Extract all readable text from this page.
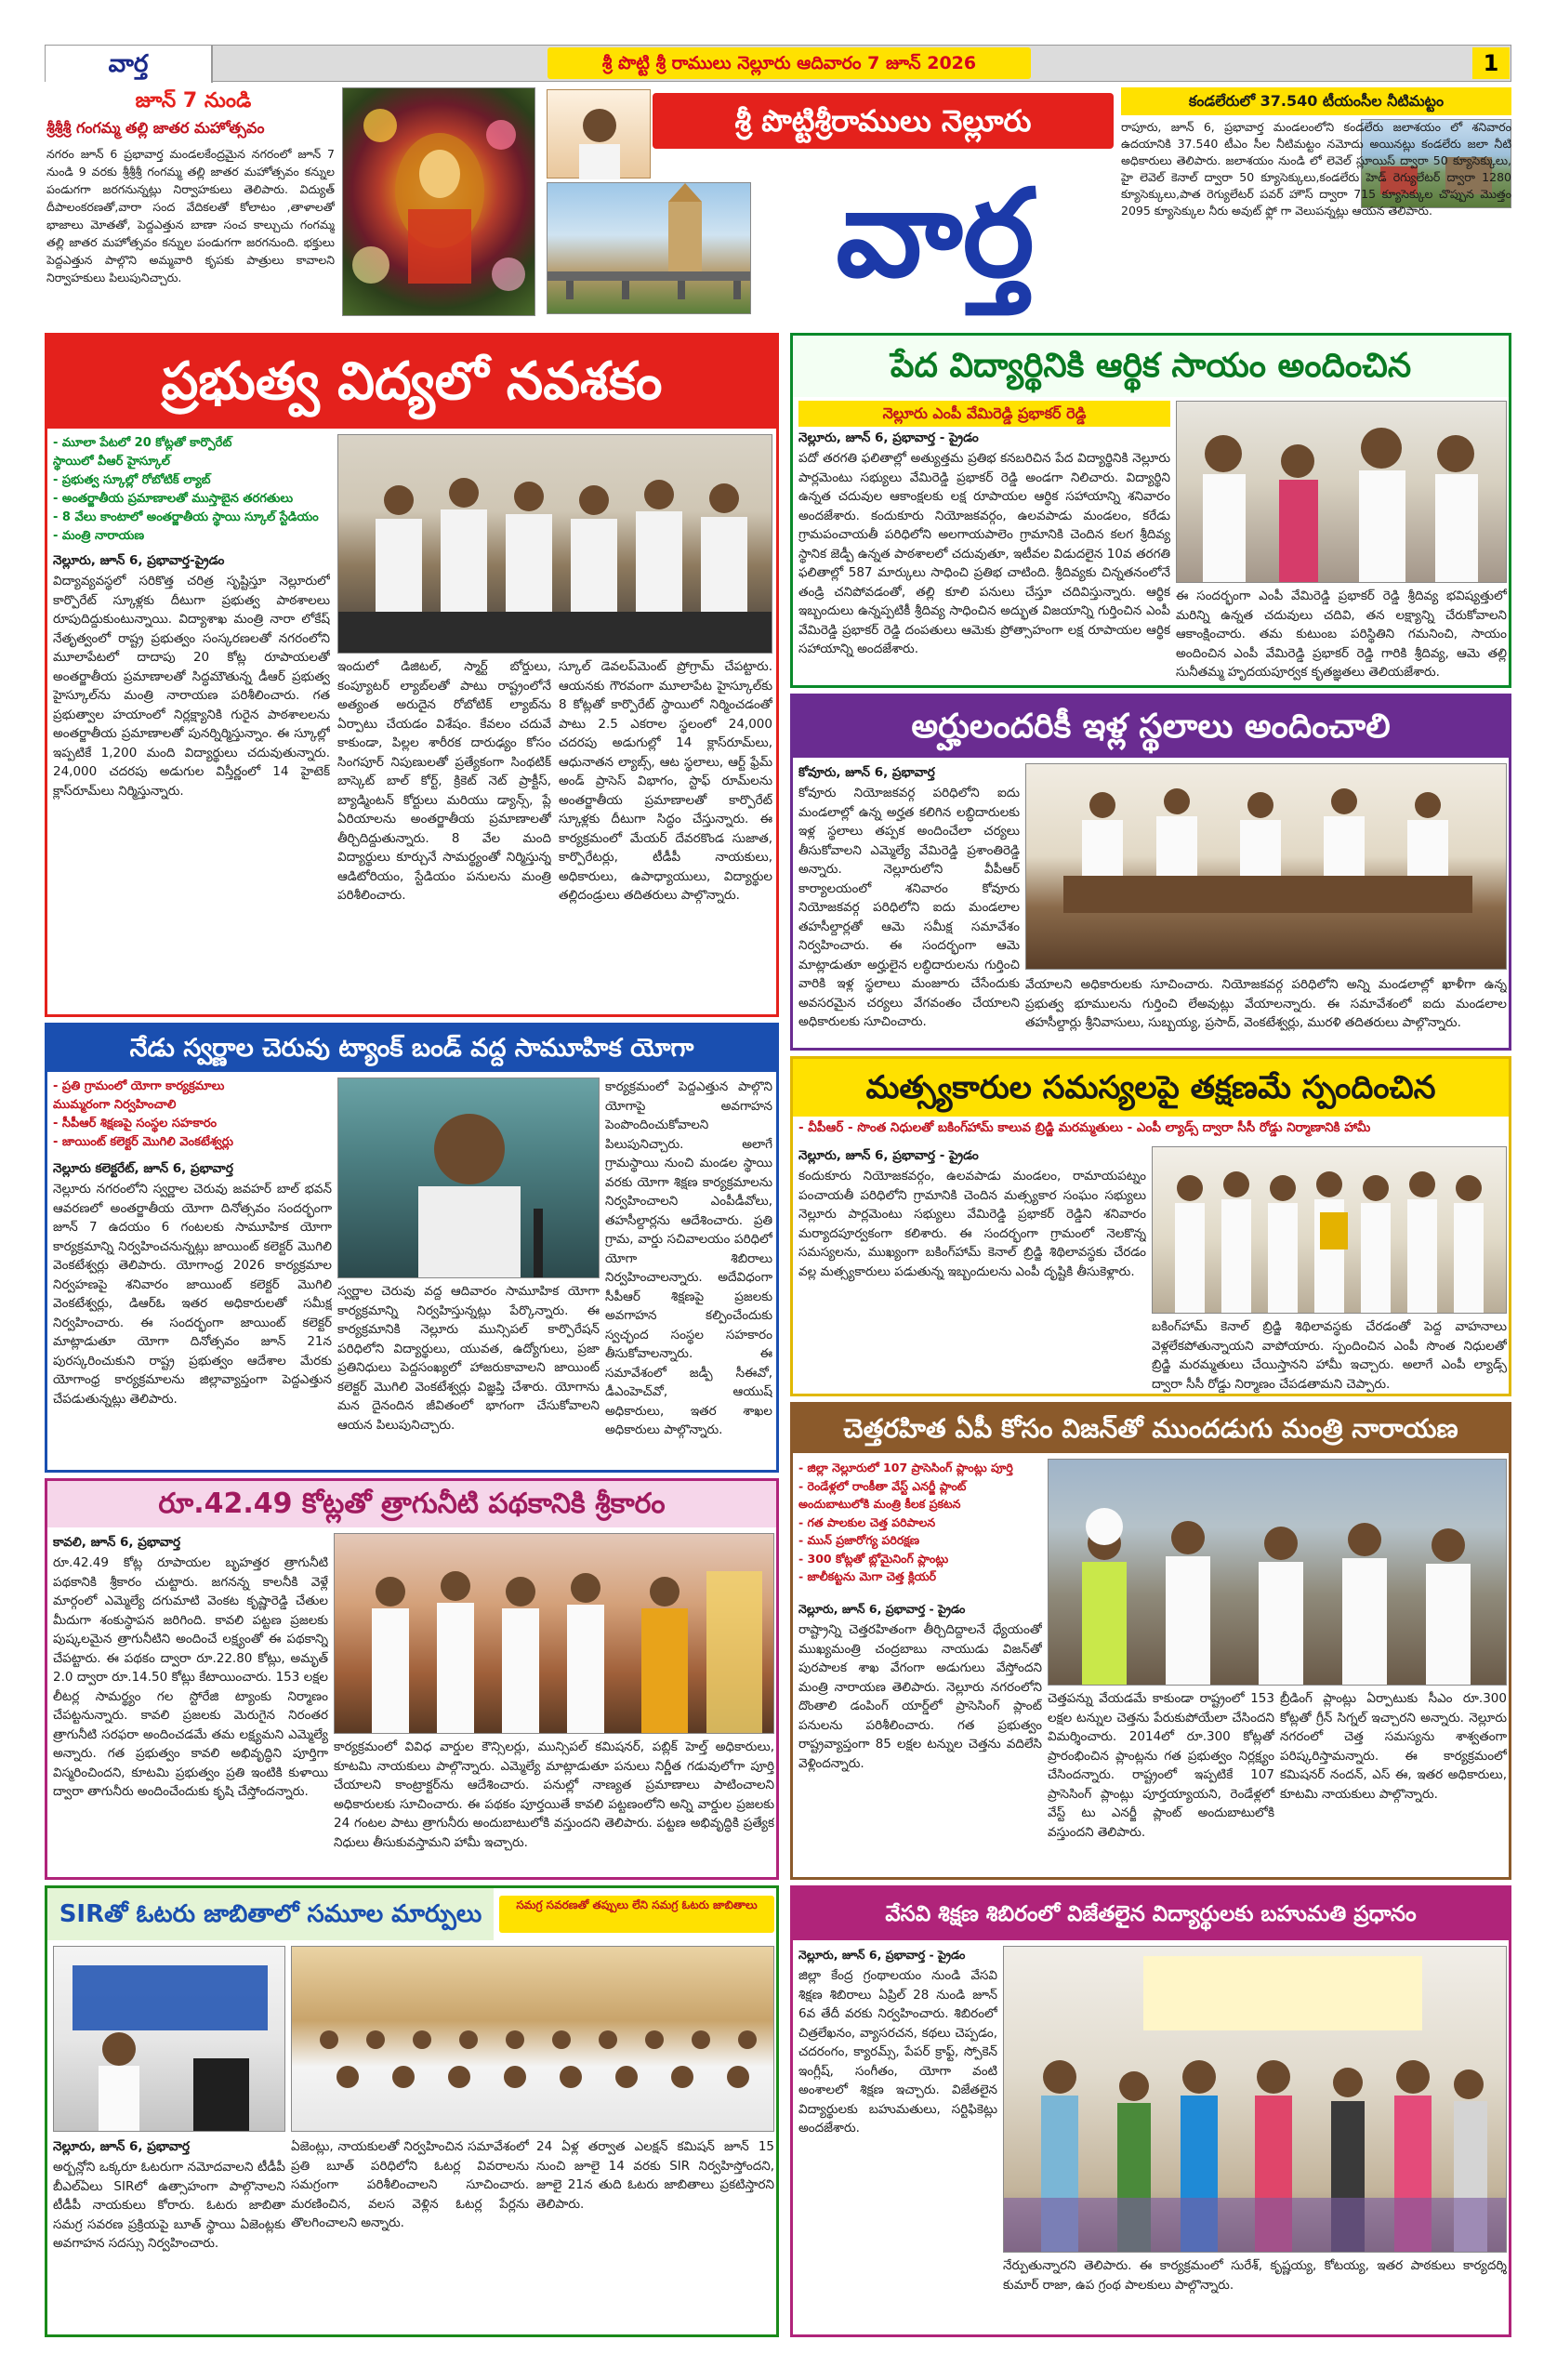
వార్త	శ్రీ పొట్టి శ్రీ రాములు నెల్లూరు ఆదివారం 7 జూన్ 2026	1
జూన్ 7 నుండి
శ్రీశ్రీశ్రీ గంగమ్మ తల్లి జాతర మహోత్సవం
నగరం జూన్ 6 ప్రభావార్త మండలకేంద్రమైన నగరంలో జూన్ 7 నుండి 9 వరకు శ్రీశ్రీశ్రీ గంగమ్మ తల్లి జాతర మహోత్సవం కన్నుల పండుగగా జరగనున్నట్లు నిర్వాహకులు తెలిపారు. విద్యుత్ దీపాలంకరణతో,వారా సంద వేదికలతో కోలాటం ,తాళాలతో భాజాలు మోతతో, పెద్దఎత్తున బాణా సంచ కాల్చుచు గంగమ్మ తల్లి జాతర మహోత్సవం కన్నుల పండుగగా జరగనుంది. భక్తులు పెద్దఎత్తున పాల్గొని అమ్మవారి కృపకు పాత్రులు కావాలని నిర్వాహకులు పిలుపునిచ్చారు.
శ్రీ పొట్టిశ్రీరాములు నెల్లూరు
వార్త
కండలేరులో 37.540 టీయంసీల నీటిమట్టం
రాపూరు, జూన్ 6, ప్రభావార్త మండలంలోని కండలేరు జలాశయం లో శనివారం ఉదయానికి 37.540 టీఎం సీల నీటిమట్టం నమోదు అయినట్లు కండలేరు జలా నీటి అధికారులు తెలిపారు. జలాశయం నుండి లో లెవెల్ స్లూయిస్ ద్వారా 50 క్యూసెక్కులు, హై లెవెల్ కెనాల్ ద్వారా 50 క్యూసెక్కులు,కండలేరు హెడ్ రెగ్యులేటర్ ద్వారా 1280 క్యూసెక్కులు,పాత రెగ్యులేటర్ పవర్ హౌస్ ద్వారా 715 క్యూసెక్కుల చొప్పున మొత్తం 2095 క్యూసెక్కుల నీరు అవుట్ ఫ్లో గా వెలుపన్నట్లు ఆయన తెలిపారు.
ప్రభుత్వ విద్యలో నవశకం
- మూలా పేటలో 20 కోట్లతో కార్పొరేట్
స్థాయిలో వీఆర్ హైస్కూల్
- ప్రభుత్వ స్కూల్లో రోబోటిక్ ల్యాబ్
- అంతర్జాతీయ ప్రమాణాలతో ముస్తాబైన తరగతులు
- 8 వేలు కాంటాలో అంతర్జాతీయ స్థాయి స్కూల్ స్టేడియం
- మంత్రి నారాయణ
నెల్లూరు, జూన్ 6, ప్రభావార్త-ప్రైడం
విద్యావ్యవస్థలో సరికొత్త చరిత్ర సృష్టిస్తూ నెల్లూరులో కార్పొరేట్ స్కూళ్లకు దీటుగా ప్రభుత్వ పాఠశాలలు రూపుదిద్దుకుంటున్నాయి. విద్యాశాఖ మంత్రి నారా లోకేష్ నేతృత్వంలో రాష్ట్ర ప్రభుత్వం సంస్కరణలతో నగరంలోని మూలాపేటలో దాదాపు 20 కోట్ల రూపాయలతో అంతర్జాతీయ ప్రమాణాలతో సిద్ధమౌతున్న డీఆర్ ప్రభుత్వ హైస్కూల్‌ను మంత్రి నారాయణ పరిశీలించారు. గత ప్రభుత్వాల హయాంలో నిర్లక్ష్యానికి గురైన పాఠశాలలను అంతర్జాతీయ ప్రమాణాలతో పునర్నిర్మిస్తున్నాం. ఈ స్కూల్లో ఇప్పటికే 1,200 మంది విద్యార్థులు చదువుతున్నారు. 24,000 చదరపు అడుగుల విస్తీర్ణంలో 14 హైటెక్ క్లాస్‌రూమ్‌లు నిర్మిస్తున్నారు.
ఇందులో డిజిటల్, స్మార్ట్ బోర్డులు, కంప్యూటర్ ల్యాబ్‌లతో పాటు రాష్ట్రంలోనే అత్యంత అరుదైన రోబోటిక్ ల్యాబ్‌ను ఏర్పాటు చేయడం విశేషం. కేవలం చదువే కాకుండా, పిల్లల శారీరక దారుఢ్యం కోసం సింగపూర్ నిపుణులతో ప్రత్యేకంగా సింథటిక్ బాస్కెట్ బాల్ కోర్ట్, క్రికెట్ నెట్ ప్రాక్టీస్, బ్యాడ్మింటన్ కోర్టులు మరియు డ్యాన్స్, ప్లే ఏరియాలను అంతర్జాతీయ ప్రమాణాలతో తీర్చిదిద్దుతున్నారు. 8 వేల మంది విద్యార్థులు కూర్చునే సామర్థ్యంతో నిర్మిస్తున్న ఆడిటోరియం, స్టేడియం పనులను మంత్రి పరిశీలించారు.
స్కూల్ డెవలప్‌మెంట్ ప్రోగ్రామ్ చేపట్టారు. ఆయనకు గౌరవంగా మూలాపేట హైస్కూల్‌కు 8 కోట్లతో కార్పొరేట్ స్థాయిలో నిర్మించడంతో పాటు 2.5 ఎకరాల స్థలంలో 24,000 చదరపు అడుగుల్లో 14 క్లాస్‌రూమ్‌లు, ఆధునాతన ల్యాబ్స్, ఆట స్థలాలు, ఆర్ట్ ఫ్రేమ్ అండ్ ప్రాసెస్ విభాగం, స్టాఫ్ రూమ్‌లను అంతర్జాతీయ ప్రమాణాలతో కార్పొరేట్ స్కూళ్లకు దీటుగా సిద్ధం చేస్తున్నారు. ఈ కార్యక్రమంలో మేయర్ దేవరకొండ సుజాత, కార్పొరేటర్లు, టీడీపీ నాయకులు, అధికారులు, ఉపాధ్యాయులు, విద్యార్థుల తల్లిదండ్రులు తదితరులు పాల్గొన్నారు.
పేద విద్యార్థినికి ఆర్థిక సాయం అందించిన
నెల్లూరు ఎంపీ వేమిరెడ్డి ప్రభాకర్ రెడ్డి
నెల్లూరు, జూన్ 6, ప్రభావార్త - ప్రైడం
పదో తరగతి ఫలితాల్లో అత్యుత్తమ ప్రతిభ కనబరిచిన పేద విద్యార్థినికి నెల్లూరు పార్లమెంటు సభ్యులు వేమిరెడ్డి ప్రభాకర్ రెడ్డి అండగా నిలిచారు. విద్యార్థిని ఉన్నత చదువుల ఆకాంక్షలకు లక్ష రూపాయల ఆర్థిక సహాయాన్ని శనివారం అందజేశారు. కందుకూరు నియోజకవర్గం, ఉలవపాడు మండలం, కరేడు గ్రామపంచాయతీ పరిధిలోని అలగాయపాలెం గ్రామానికి చెందిన కలగ శ్రీదివ్య స్థానిక జెడ్పీ ఉన్నత పాఠశాలలో చదువుతూ, ఇటీవల విడుదలైన 10వ తరగతి ఫలితాల్లో 587 మార్కులు సాధించి ప్రతిభ చాటింది. శ్రీదివ్యకు చిన్నతనంలోనే తండ్రి చనిపోవడంతో, తల్లి కూలి పనులు చేస్తూ చదివిస్తున్నారు. ఆర్థిక ఇబ్బందులు ఉన్నప్పటికీ శ్రీదివ్య సాధించిన అద్భుత విజయాన్ని గుర్తించిన ఎంపీ వేమిరెడ్డి ప్రభాకర్ రెడ్డి దంపతులు ఆమెకు ప్రోత్సాహంగా లక్ష రూపాయల ఆర్థిక సహాయాన్ని అందజేశారు.
ఈ సందర్భంగా ఎంపీ వేమిరెడ్డి ప్రభాకర్ రెడ్డి శ్రీదివ్య భవిష్యత్తులో మరిన్ని ఉన్నత చదువులు చదివి, తన లక్ష్యాన్ని చేరుకోవాలని ఆకాంక్షించారు. తమ కుటుంబ పరిస్థితిని గమనించి, సాయం అందించిన ఎంపీ వేమిరెడ్డి ప్రభాకర్ రెడ్డి గారికి శ్రీదివ్య, ఆమె తల్లి సునీతమ్మ హృదయపూర్వక కృతజ్ఞతలు తెలియజేశారు.
అర్హులందరికీ ఇళ్ల స్థలాలు అందించాలి
కోవూరు, జూన్ 6, ప్రభావార్త
కోవూరు నియోజకవర్గ పరిధిలోని ఐదు మండలాల్లో ఉన్న అర్హత కలిగిన లబ్ధిదారులకు ఇళ్ల స్థలాలు తప్పక అందించేలా చర్యలు తీసుకోవాలని ఎమ్మెల్యే వేమిరెడ్డి ప్రశాంతిరెడ్డి అన్నారు. నెల్లూరులోని వీపీఆర్ కార్యాలయంలో శనివారం కోవూరు నియోజకవర్గ పరిధిలోని ఐదు మండలాల తహసీల్దార్లతో ఆమె సమీక్ష సమావేశం నిర్వహించారు. ఈ సందర్భంగా ఆమె మాట్లాడుతూ అర్హులైన లబ్ధిదారులను గుర్తించి వారికి ఇళ్ల స్థలాలు మంజూరు చేసేందుకు అవసరమైన చర్యలు వేగవంతం చేయాలని అధికారులకు సూచించారు.
వేయాలని అధికారులకు సూచించారు. నియోజకవర్గ పరిధిలోని అన్ని మండలాల్లో ఖాళీగా ఉన్న ప్రభుత్వ భూములను గుర్తించి లేఅవుట్లు వేయాలన్నారు. ఈ సమావేశంలో ఐదు మండలాల తహసీల్దార్లు శ్రీనివాసులు, సుబ్బయ్య, ప్రసాద్, వెంకటేశ్వర్లు, మురళి తదితరులు పాల్గొన్నారు.
నేడు స్వర్ణాల చెరువు ట్యాంక్ బండ్ వద్ద సామూహిక యోగా
- ప్రతి గ్రామంలో యోగా కార్యక్రమాలు
ముమ్మరంగా నిర్వహించాలి
- సీపీఆర్ శిక్షణపై సంస్థల సహకారం
- జాయింట్ కలెక్టర్ మొగిలి వెంకటేశ్వర్లు
నెల్లూరు కలెక్టరేట్, జూన్ 6, ప్రభావార్త
నెల్లూరు నగరంలోని స్వర్ణాల చెరువు జవహర్ బాల్ భవన్ ఆవరణలో అంతర్జాతీయ యోగా దినోత్సవం సందర్భంగా జూన్ 7 ఉదయం 6 గంటలకు సామూహిక యోగా కార్యక్రమాన్ని నిర్వహించనున్నట్లు జాయింట్ కలెక్టర్ మొగిలి వెంకటేశ్వర్లు తెలిపారు. యోగాంధ్ర 2026 కార్యక్రమాల నిర్వహణపై శనివారం జాయింట్ కలెక్టర్ మొగిలి వెంకటేశ్వర్లు, డిఆర్ఓ ఇతర అధికారులతో సమీక్ష నిర్వహించారు. ఈ సందర్భంగా జాయింట్ కలెక్టర్ మాట్లాడుతూ యోగా దినోత్సవం జూన్ 21న పురస్కరించుకుని రాష్ట్ర ప్రభుత్వం ఆదేశాల మేరకు యోగాంధ్ర కార్యక్రమాలను జిల్లావ్యాప్తంగా పెద్దఎత్తున చేపడుతున్నట్లు తెలిపారు.
కార్యక్రమంలో పెద్దఎత్తున పాల్గొని యోగాపై అవగాహన పెంపొందించుకోవాలని పిలుపునిచ్చారు. అలాగే గ్రామస్థాయి నుంచి మండల స్థాయి వరకు యోగా శిక్షణ కార్యక్రమాలను నిర్వహించాలని ఎంపీడీవోలు, తహసీల్దార్లను ఆదేశించారు. ప్రతి గ్రామ, వార్డు సచివాలయం పరిధిలో యోగా శిబిరాలు నిర్వహించాలన్నారు. అదేవిధంగా సీపీఆర్ శిక్షణపై ప్రజలకు అవగాహన కల్పించేందుకు స్వచ్ఛంద సంస్థల సహకారం తీసుకోవాలన్నారు. ఈ సమావేశంలో జడ్పీ సీఈవో, డీఎంహెచ్‌వో, ఆయుష్ అధికారులు, ఇతర శాఖల అధికారులు పాల్గొన్నారు.
స్వర్ణాల చెరువు వద్ద ఆదివారం సామూహిక యోగా కార్యక్రమాన్ని నిర్వహిస్తున్నట్లు పేర్కొన్నారు. ఈ కార్యక్రమానికి నెల్లూరు మున్సిపల్ కార్పొరేషన్ పరిధిలోని విద్యార్థులు, యువత, ఉద్యోగులు, ప్రజా ప్రతినిధులు పెద్దసంఖ్యలో హాజరుకావాలని జాయింట్ కలెక్టర్ మొగిలి వెంకటేశ్వర్లు విజ్ఞప్తి చేశారు. యోగాను మన దైనందిన జీవితంలో భాగంగా చేసుకోవాలని ఆయన పిలుపునిచ్చారు.
మత్స్యకారుల సమస్యలపై తక్షణమే స్పందించిన
- వీపీఆర్ - సొంత నిధులతో బకింగ్‌హామ్ కాలువ బ్రిడ్జి మరమ్మతులు - ఎంపీ ల్యాడ్స్ ద్వారా సీసీ రోడ్డు నిర్మాణానికి హామీ
నెల్లూరు, జూన్ 6, ప్రభావార్త - ప్రైడం
కందుకూరు నియోజకవర్గం, ఉలవపాడు మండలం, రామాయపట్నం పంచాయతీ పరిధిలోని గ్రామానికి చెందిన మత్స్యకార సంఘం సభ్యులు నెల్లూరు పార్లమెంటు సభ్యులు వేమిరెడ్డి ప్రభాకర్ రెడ్డిని శనివారం మర్యాదపూర్వకంగా కలిశారు. ఈ సందర్భంగా గ్రామంలో నెలకొన్న సమస్యలను, ముఖ్యంగా బకింగ్‌హామ్ కెనాల్ బ్రిడ్జి శిథిలావస్థకు చేరడం వల్ల మత్స్యకారులు పడుతున్న ఇబ్బందులను ఎంపీ దృష్టికి తీసుకెళ్లారు.
బకింగ్‌హామ్ కెనాల్ బ్రిడ్జి శిథిలావస్థకు చేరడంతో పెద్ద వాహనాలు వెళ్లలేకపోతున్నాయని వాపోయారు. స్పందించిన ఎంపీ సొంత నిధులతో బ్రిడ్జి మరమ్మతులు చేయిస్తానని హామీ ఇచ్చారు. అలాగే ఎంపీ ల్యాడ్స్ ద్వారా సీసీ రోడ్డు నిర్మాణం చేపడతామని చెప్పారు.
చెత్తరహిత ఏపీ కోసం విజన్‌తో ముందడుగు మంత్రి నారాయణ
- జిల్లా నెల్లూరులో 107 ప్రాసెసింగ్ ప్లాంట్లు పూర్తి
- రెండేళ్లలో రాంకీతా వేస్ట్ ఎనర్జీ ప్లాంట్
అందుబాటులోకి మంత్రి కీలక ప్రకటన
- గత పాలకుల చెత్త పరిపాలన
- మున్ ప్రజారోగ్య పరిరక్షణ
- 300 కోట్లతో బ్లోమైనింగ్ ప్లాంట్లు
- జాలీకట్టను మెగా చెత్త క్లియర్
నెల్లూరు, జూన్ 6, ప్రభావార్త - ప్రైడం
రాష్ట్రాన్ని చెత్తరహితంగా తీర్చిదిద్దాలనే ధ్యేయంతో ముఖ్యమంత్రి చంద్రబాబు నాయుడు విజన్‌తో పురపాలక శాఖ వేగంగా అడుగులు వేస్తోందని మంత్రి నారాయణ తెలిపారు. నెల్లూరు నగరంలోని దొంతాలి డంపింగ్ యార్డ్‌లో ప్రాసెసింగ్ ప్లాంట్ పనులను పరిశీలించారు. గత ప్రభుత్వం రాష్ట్రవ్యాప్తంగా 85 లక్షల టన్నుల చెత్తను వదిలేసి వెళ్లిందన్నారు.
చెత్తపన్ను వేయడమే కాకుండా రాష్ట్రంలో 153 లక్షల టన్నుల చెత్తను పేరుకుపోయేలా చేసిందని విమర్శించారు. 2014లో రూ.300 కోట్లతో ప్రారంభించిన ప్లాంట్లను గత ప్రభుత్వం నిర్లక్ష్యం చేసిందన్నారు. రాష్ట్రంలో ఇప్పటికే 107 ప్రాసెసింగ్ ప్లాంట్లు పూర్తయ్యాయని, రెండేళ్లలో వేస్ట్ టు ఎనర్జీ ప్లాంట్ అందుబాటులోకి వస్తుందని తెలిపారు.
బ్రీడింగ్ ప్లాంట్లు ఏర్పాటుకు సీఎం రూ.300 కోట్లతో గ్రీన్ సిగ్నల్ ఇచ్చారని అన్నారు. నెల్లూరు నగరంలో చెత్త సమస్యను శాశ్వతంగా పరిష్కరిస్తామన్నారు. ఈ కార్యక్రమంలో కమిషనర్ నందన్, ఎస్ ఈ, ఇతర అధికారులు, కూటమి నాయకులు పాల్గొన్నారు.
రూ.42.49 కోట్లతో త్రాగునీటి పథకానికి శ్రీకారం
కావలి, జూన్ 6, ప్రభావార్త
రూ.42.49 కోట్ల రూపాయల బృహత్తర త్రాగునీటి పథకానికి శ్రీకారం చుట్టారు. జగనన్న కాలనీకి వెళ్లే మార్గంలో ఎమ్మెల్యే దగుమాటి వెంకట కృష్ణారెడ్డి చేతుల మీదుగా శంకుస్థాపన జరిగింది. కావలి పట్టణ ప్రజలకు పుష్కలమైన త్రాగునీటిని అందించే లక్ష్యంతో ఈ పథకాన్ని చేపట్టారు. ఈ పథకం ద్వారా రూ.22.80 కోట్లు, అమృత్ 2.0 ద్వారా రూ.14.50 కోట్లు కేటాయించారు. 153 లక్షల లీటర్ల సామర్థ్యం గల స్టోరేజి ట్యాంకు నిర్మాణం చేపట్టనున్నారు. కావలి ప్రజలకు మెరుగైన నిరంతర త్రాగునీటి సరఫరా అందించడమే తమ లక్ష్యమని ఎమ్మెల్యే అన్నారు. గత ప్రభుత్వం కావలి అభివృద్ధిని పూర్తిగా విస్మరించిందని, కూటమి ప్రభుత్వం ప్రతి ఇంటికి కుళాయి ద్వారా తాగునీరు అందించేందుకు కృషి చేస్తోందన్నారు.
కార్యక్రమంలో వివిధ వార్డుల కౌన్సిలర్లు, మున్సిపల్ కమిషనర్, పబ్లిక్ హెల్త్ అధికారులు, కూటమి నాయకులు పాల్గొన్నారు. ఎమ్మెల్యే మాట్లాడుతూ పనులు నిర్ణీత గడువులోగా పూర్తి చేయాలని కాంట్రాక్టర్‌ను ఆదేశించారు. పనుల్లో నాణ్యత ప్రమాణాలు పాటించాలని అధికారులకు సూచించారు. ఈ పథకం పూర్తయితే కావలి పట్టణంలోని అన్ని వార్డుల ప్రజలకు 24 గంటల పాటు త్రాగునీరు అందుబాటులోకి వస్తుందని తెలిపారు. పట్టణ అభివృద్ధికి ప్రత్యేక నిధులు తీసుకువస్తామని హామీ ఇచ్చారు.
SIRతో ఓటరు జాబితాలో సమూల మార్పులు	సమగ్ర సవరణతో తప్పులు లేని సమగ్ర ఓటరు జాబితాలు
నెల్లూరు, జూన్ 6, ప్రభావార్త
అర్బన్లోని ఒక్కరూ ఓటరుగా నమోదవాలని టీడీపీ బీఎల్ఏలు SIRలో ఉత్సాహంగా పాల్గొనాలని టీడీపీ నాయకులు కోరారు. ఓటరు జాబితా సమగ్ర సవరణ ప్రక్రియపై బూత్ స్థాయి ఏజెంట్లకు అవగాహన సదస్సు నిర్వహించారు.
ఏజెంట్లు, నాయకులతో నిర్వహించిన సమావేశంలో ప్రతి బూత్ పరిధిలోని ఓటర్ల వివరాలను సమగ్రంగా పరిశీలించాలని సూచించారు. మరణించిన, వలస వెళ్లిన ఓటర్ల పేర్లను తొలగించాలని అన్నారు.
24 ఏళ్ల తర్వాత ఎలక్షన్ కమిషన్ జూన్ 15 నుంచి జూలై 14 వరకు SIR నిర్వహిస్తోందని, జూలై 21న తుది ఓటరు జాబితాలు ప్రకటిస్తారని తెలిపారు.
వేసవి శిక్షణ శిబిరంలో విజేతలైన విద్యార్థులకు బహుమతి ప్రధానం
నెల్లూరు, జూన్ 6, ప్రభావార్త - ప్రైడం
జిల్లా కేంద్ర గ్రంథాలయం నుండి వేసవి శిక్షణ శిబిరాలు ఏప్రిల్ 28 నుండి జూన్ 6వ తేదీ వరకు నిర్వహించారు. శిబిరంలో చిత్రలేఖనం, వ్యాసరచన, కథలు చెప్పడం, చదరంగం, క్యారమ్స్, పేపర్ క్రాఫ్ట్, స్పోకెన్ ఇంగ్లీష్, సంగీతం, యోగా వంటి అంశాలలో శిక్షణ ఇచ్చారు. విజేతలైన విద్యార్థులకు బహుమతులు, సర్టిఫికెట్లు అందజేశారు.
నేర్పుతున్నారని తెలిపారు. ఈ కార్యక్రమంలో సురేశ్, కృష్ణయ్య, కోటయ్య, ఇతర పాఠకులు కార్యదర్శి కుమార్ రాజా, ఉప గ్రంథ పాలకులు పాల్గొన్నారు.
